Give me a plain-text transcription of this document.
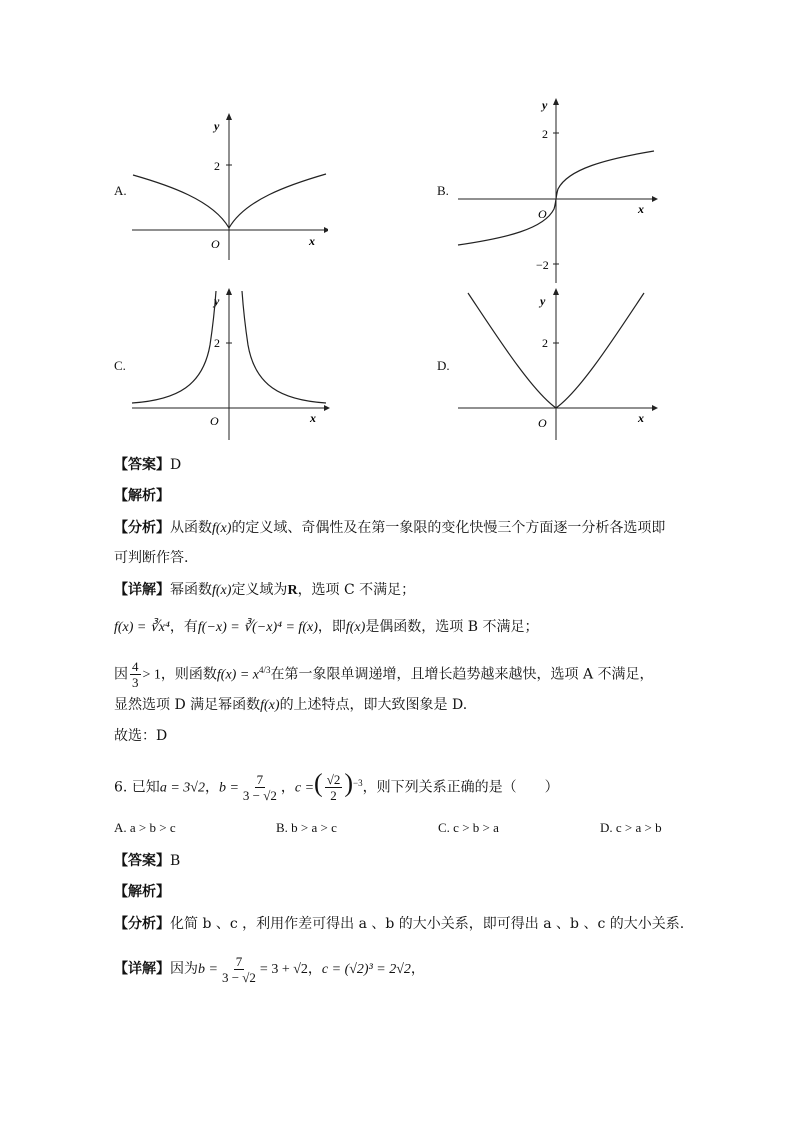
A.
2
y
x
O
B.
2
−2
y
x
O
C.
2
y
x
O
D.
2
y
x
O
【答案】D
【解析】
【分析】从函数f(x)的定义域、奇偶性及在第一象限的变化快慢三个方面逐一分析各选项即
可判断作答.
【详解】幂函数f(x)定义域为R，选项 C 不满足；
f(x) = ∛x⁴，有f(−x) = ∛(−x)⁴ = f(x)，即f(x)是偶函数，选项 B 不满足；
因 $\frac{4}{3} > 1$，则函数$f(x) = x^{4/3}$在第一象限单调递增，且增长趋势越来越快，选项 A 不满足，
显然选项 D 满足幂函数f(x)的上述特点，即大致图象是 D.
故选：D
6. 已知a = 3√2，$b = \frac{7}{3 - √2}$ ，c =( $\frac{√2}{2} )^{-3}$，则下列关系正确的是（　　）
A. a > b > c	B. b > a > c	C. c > b > a	D. c > a > b
【答案】B
【解析】
【分析】化简 b 、c ，利用作差可得出 a 、b 的大小关系，即可得出 a 、b 、c 的大小关系.
【详解】因为$b = \frac{7}{3 - √2} = 3 + √2$，c = (√2)³ = 2√2，
